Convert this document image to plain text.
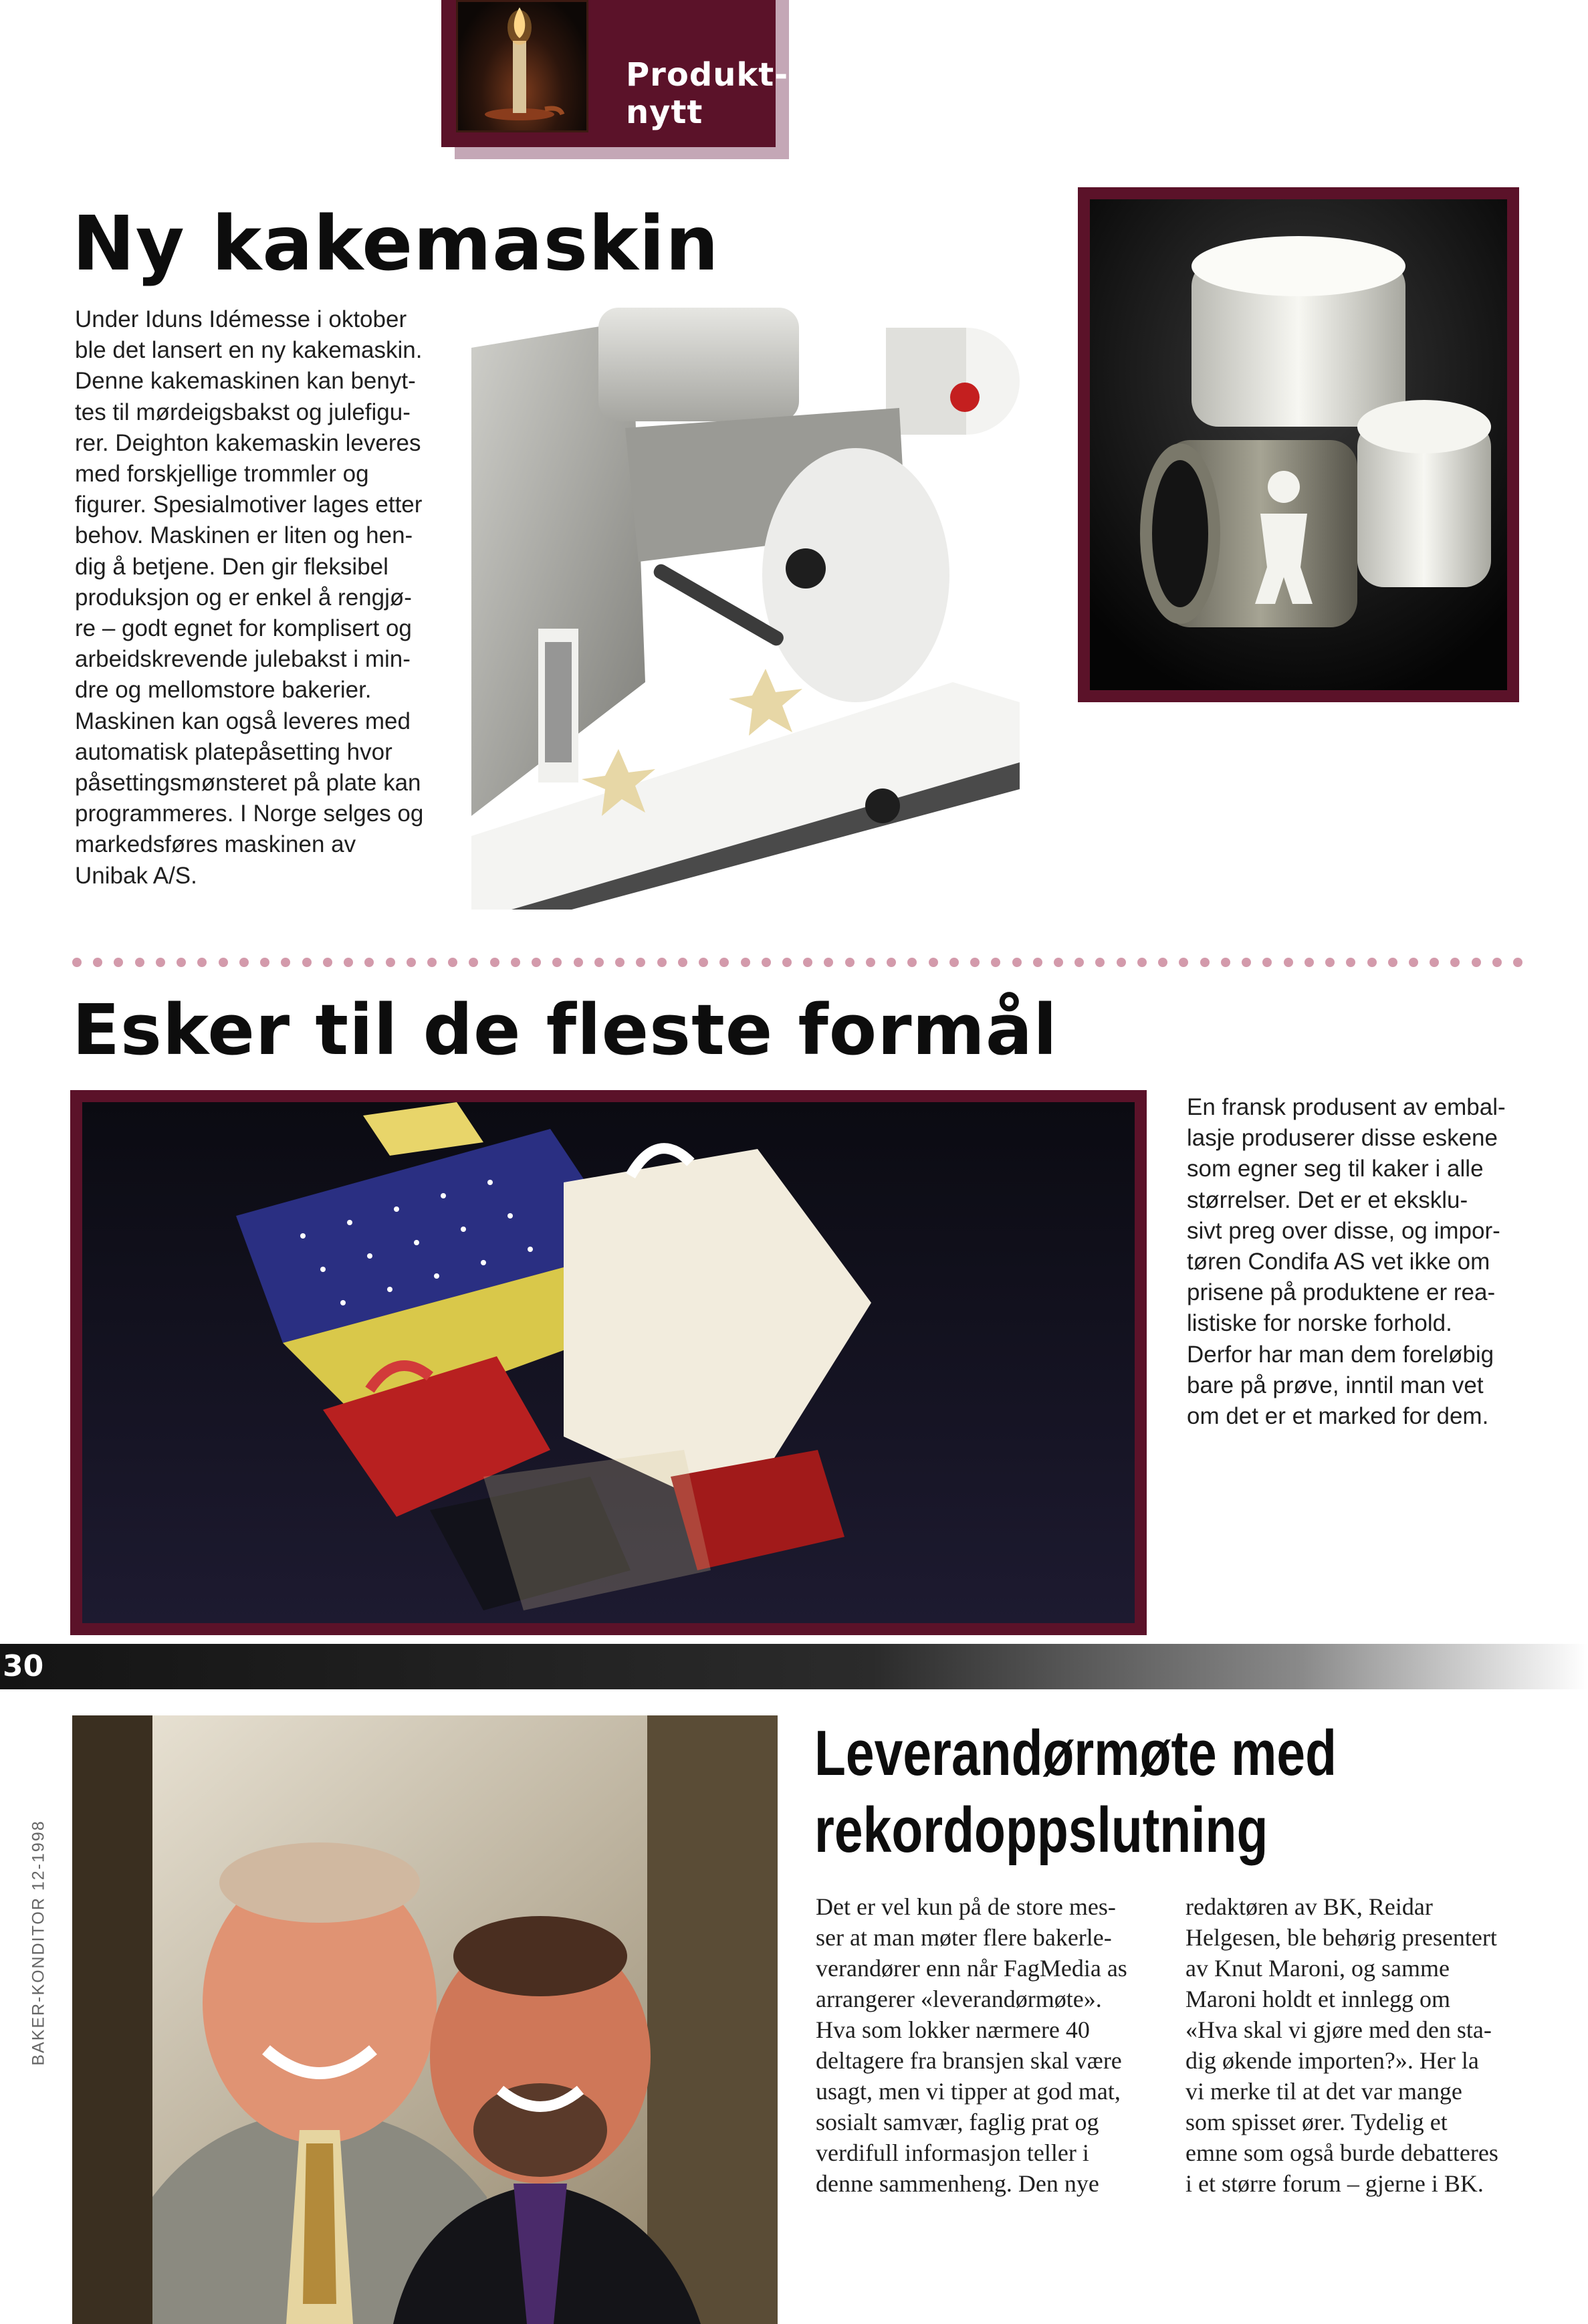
Produkt-
nytt
Ny kakemaskin
Under Iduns Idémesse i oktober
ble det lansert en ny kakemaskin.
Denne kakemaskinen kan benyt-
tes til mørdeigsbakst og julefigu-
rer. Deighton kakemaskin leveres
med forskjellige trommler og
figurer. Spesialmotiver lages etter
behov. Maskinen er liten og hen-
dig å betjene. Den gir fleksibel
produksjon og er enkel å rengjø-
re – godt egnet for komplisert og
arbeidskrevende julebakst i min-
dre og mellomstore bakerier.
Maskinen kan også leveres med
automatisk platepåsetting hvor
påsettingsmønsteret på plate kan
programmeres. I Norge selges og
markedsføres maskinen av
Unibak A/S.
Esker til de fleste formål
En fransk produsent av embal-
lasje produserer disse eskene
som egner seg til kaker i alle
størrelser. Det er et eksklu-
sivt preg over disse, og impor-
tøren Condifa AS vet ikke om
prisene på produktene er rea-
listiske for norske forhold.
Derfor har man dem foreløbig
bare på prøve, inntil man vet
om det er et marked for dem.
30
BAKER-KONDITOR 12-1998
Leverandørmøte med
rekordoppslutning
Det er vel kun på de store mes-
ser at man møter flere bakerle-
verandører enn når FagMedia as
arrangerer «leverandørmøte».
Hva som lokker nærmere 40
deltagere fra bransjen skal være
usagt, men vi tipper at god mat,
sosialt samvær, faglig prat og
verdifull informasjon teller i
denne sammenheng. Den nye
redaktøren av BK, Reidar
Helgesen, ble behørig presentert
av Knut Maroni, og samme
Maroni holdt et innlegg om
«Hva skal vi gjøre med den sta-
dig økende importen?». Her la
vi merke til at det var mange
som spisset ører. Tydelig et
emne som også burde debatteres
i et større forum – gjerne i BK.
